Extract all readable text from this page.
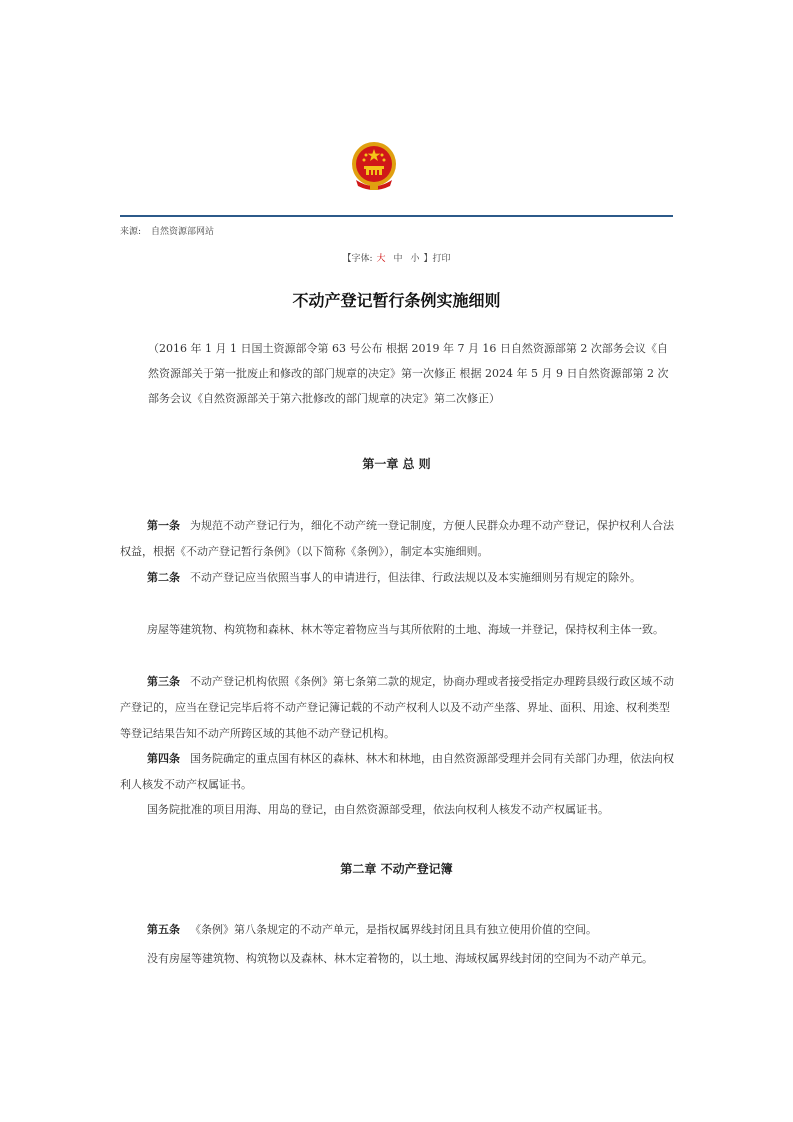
来源: 自然资源部网站
【字体: 大 中 小 】打印
不动产登记暂行条例实施细则

（2016 年 1 月 1 日国土资源部令第 63 号公布 根据 2019 年 7 月 16 日自然资源部第 2 次部务会议《自然资源部关于第一批废止和修改的部门规章的决定》第一次修正 根据 2024 年 5 月 9 日自然资源部第 2 次部务会议《自然资源部关于第六批修改的部门规章的决定》第二次修正）

第一章 总 则

第一条 为规范不动产登记行为，细化不动产统一登记制度，方便人民群众办理不动产登记，保护权利人合法权益，根据《不动产登记暂行条例》（以下简称《条例》），制定本实施细则。

第二条 不动产登记应当依照当事人的申请进行，但法律、行政法规以及本实施细则另有规定的除外。

房屋等建筑物、构筑物和森林、林木等定着物应当与其所依附的土地、海域一并登记，保持权利主体一致。

第三条 不动产登记机构依照《条例》第七条第二款的规定，协商办理或者接受指定办理跨县级行政区域不动产登记的，应当在登记完毕后将不动产登记簿记载的不动产权利人以及不动产坐落、界址、面积、用途、权利类型等登记结果告知不动产所跨区域的其他不动产登记机构。

第四条 国务院确定的重点国有林区的森林、林木和林地，由自然资源部受理并会同有关部门办理，依法向权利人核发不动产权属证书。

国务院批准的项目用海、用岛的登记，由自然资源部受理，依法向权利人核发不动产权属证书。

第二章 不动产登记簿

第五条 《条例》第八条规定的不动产单元，是指权属界线封闭且具有独立使用价值的空间。

没有房屋等建筑物、构筑物以及森林、林木定着物的，以土地、海域权属界线封闭的空间为不动产单元。
